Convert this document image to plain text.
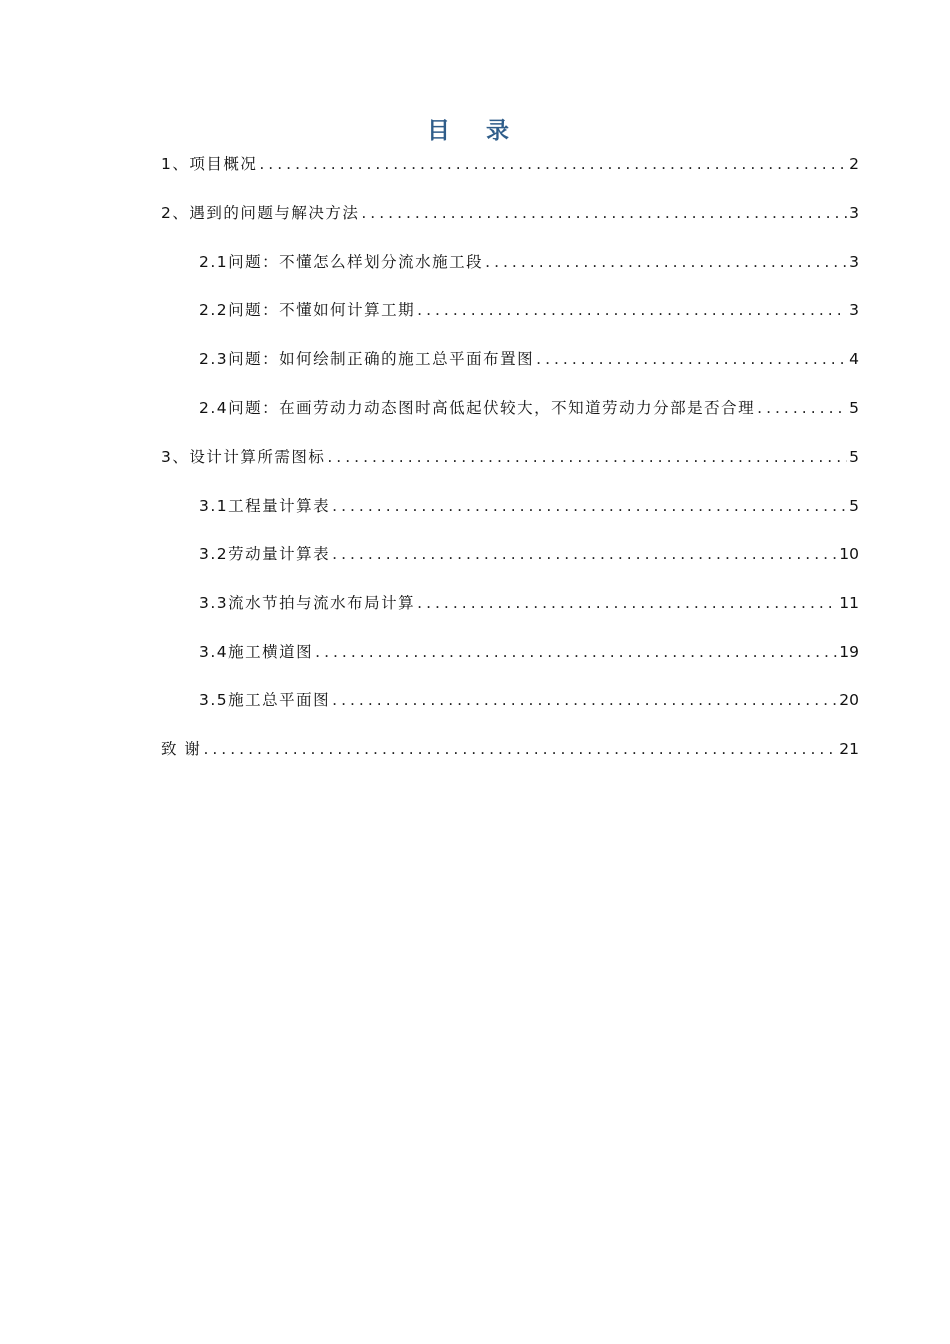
目 录
1、项目概况 .....	2
2、遇到的问题与解决方法 .....	3
2.1问题：不懂怎么样划分流水施工段 .....	3
2.2问题：不懂如何计算工期 .....	3
2.3问题：如何绘制正确的施工总平面布置图 .....	4
2.4问题：在画劳动力动态图时高低起伏较大，不知道劳动力分部是否合理 .....	5
3、设计计算所需图标 .....	5
3.1工程量计算表 .....	5
3.2劳动量计算表 .....	10
3.3流水节拍与流水布局计算 .....	11
3.4施工横道图 .....	19
3.5施工总平面图 .....	20
致 谢 .....	21
